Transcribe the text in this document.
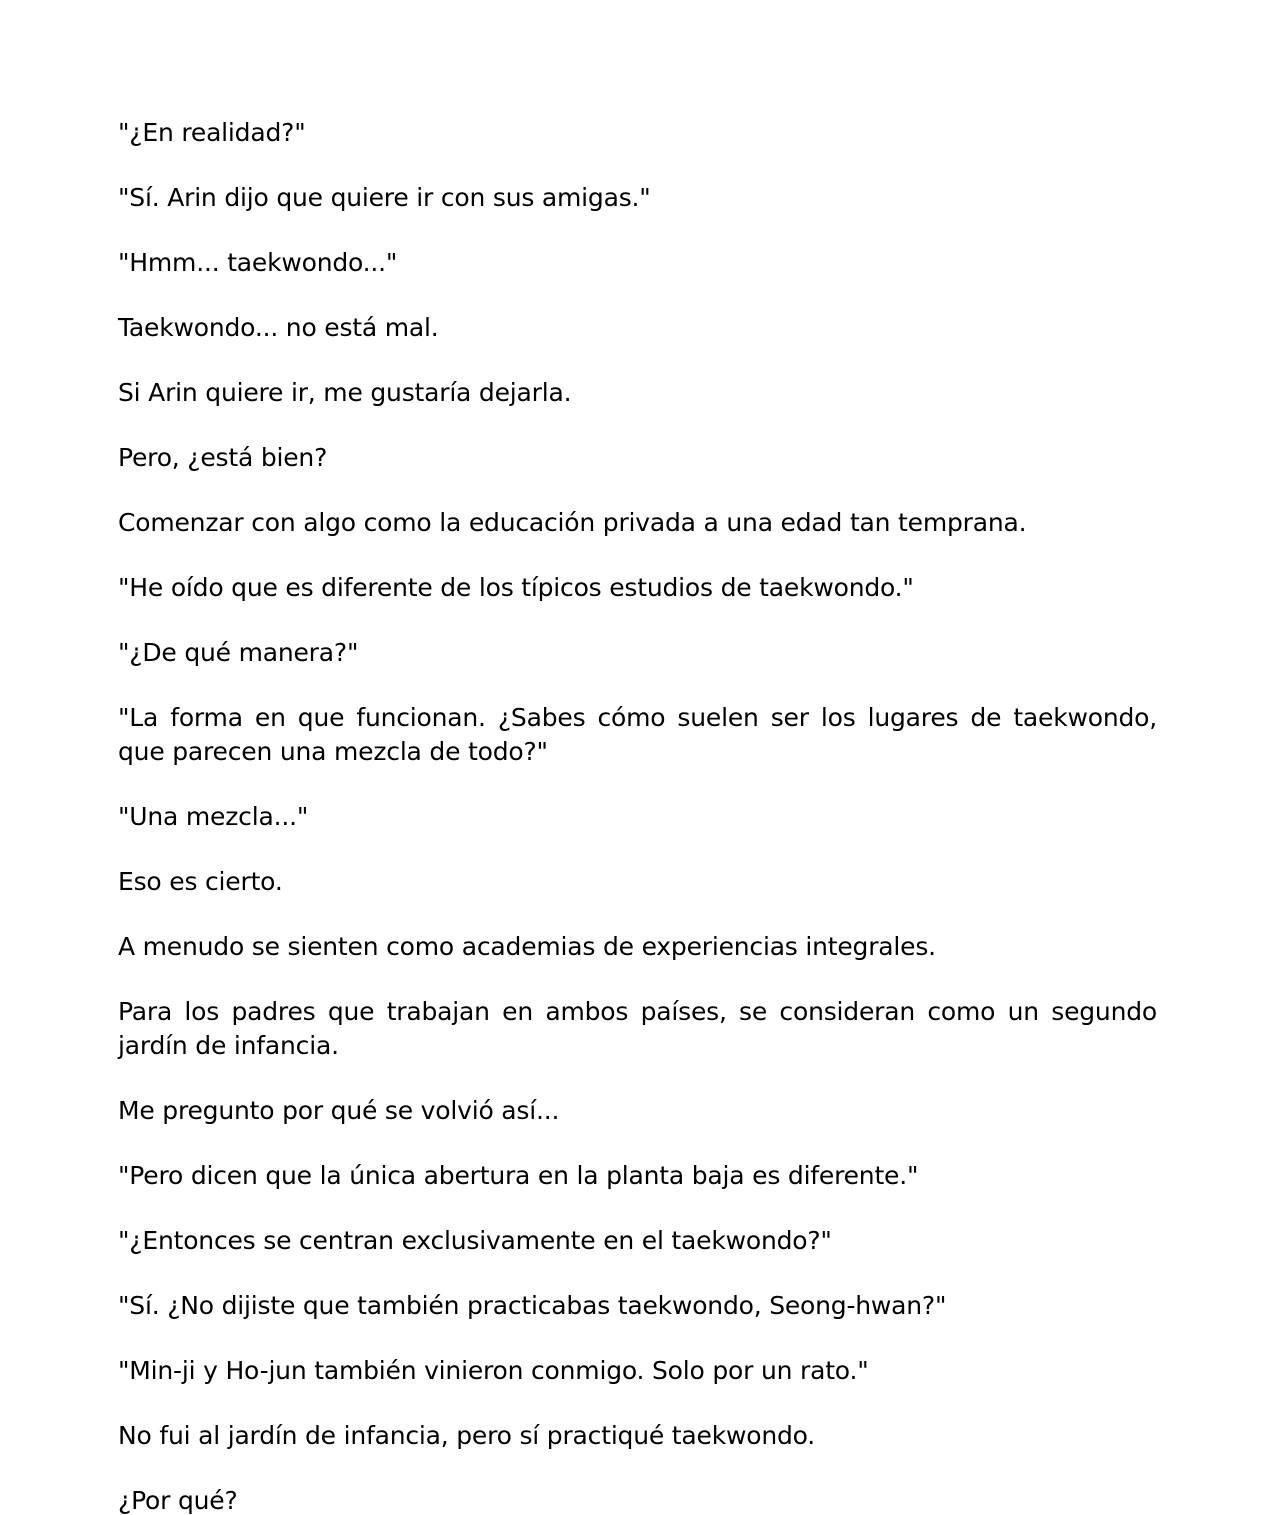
"¿En realidad?"

"Sí. Arin dijo que quiere ir con sus amigas."

"Hmm... taekwondo..."

Taekwondo... no está mal.

Si Arin quiere ir, me gustaría dejarla.

Pero, ¿está bien?

Comenzar con algo como la educación privada a una edad tan temprana.

"He oído que es diferente de los típicos estudios de taekwondo."

"¿De qué manera?"

"La forma en que funcionan. ¿Sabes cómo suelen ser los lugares de taekwondo, que parecen una mezcla de todo?"

"Una mezcla..."

Eso es cierto.

A menudo se sienten como academias de experiencias integrales.

Para los padres que trabajan en ambos países, se consideran como un segundo jardín de infancia.

Me pregunto por qué se volvió así...

"Pero dicen que la única abertura en la planta baja es diferente."

"¿Entonces se centran exclusivamente en el taekwondo?"

"Sí. ¿No dijiste que también practicabas taekwondo, Seong-hwan?"

"Min-ji y Ho-jun también vinieron conmigo. Solo por un rato."

No fui al jardín de infancia, pero sí practiqué taekwondo.

¿Por qué?
